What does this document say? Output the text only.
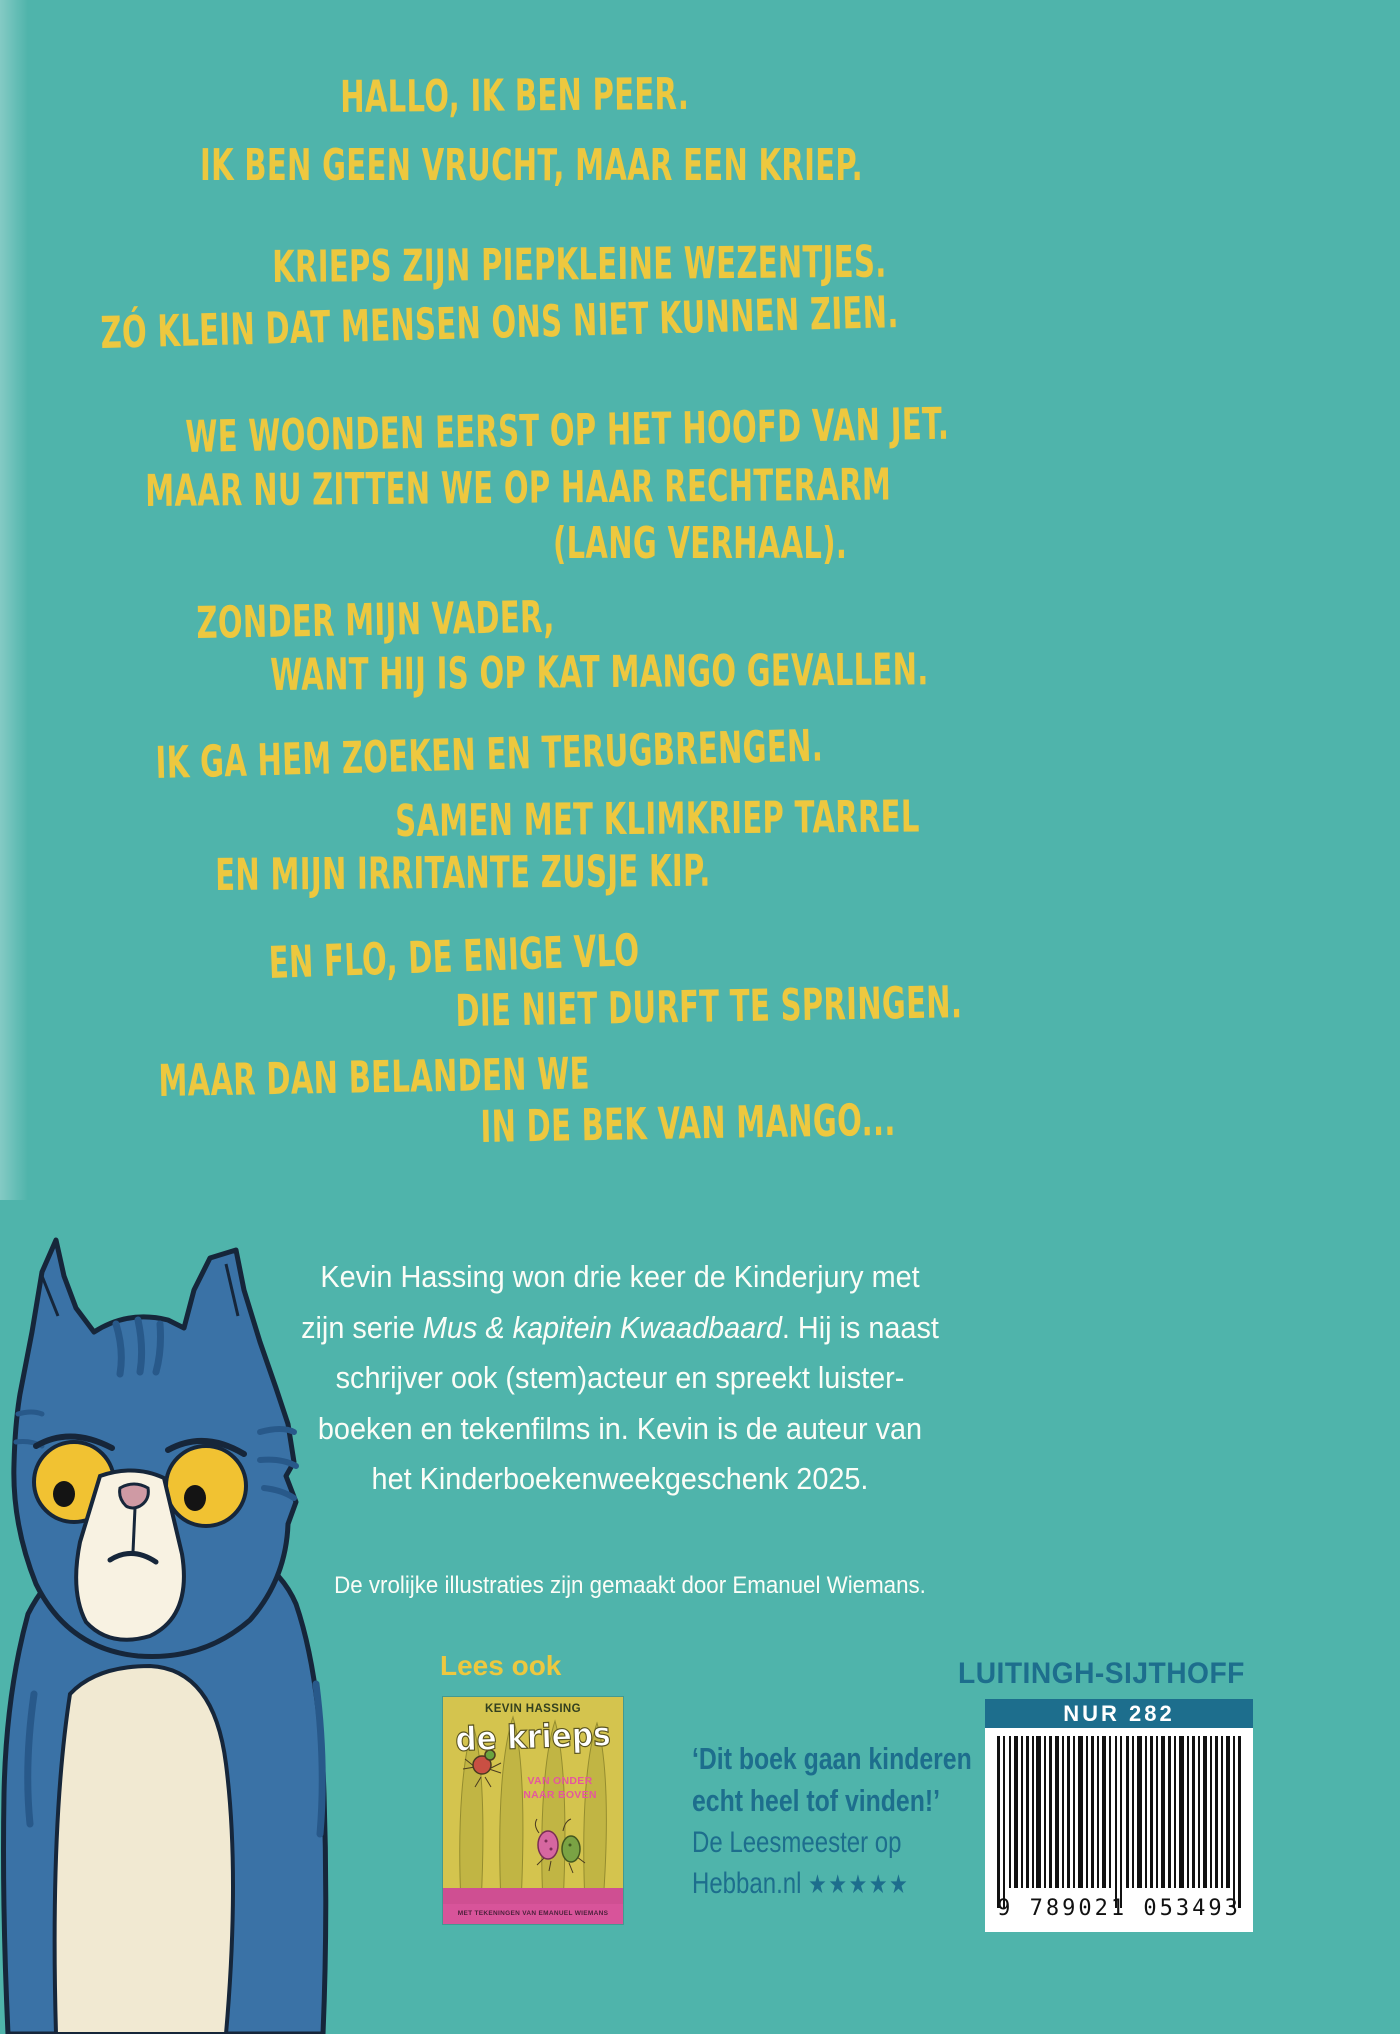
HALLO, IK BEN PEER.
IK BEN GEEN VRUCHT, MAAR EEN KRIEP.
KRIEPS ZIJN PIEPKLEINE WEZENTJES.
ZÓ KLEIN DAT MENSEN ONS NIET KUNNEN ZIEN.
WE WOONDEN EERST OP HET HOOFD VAN JET.
MAAR NU ZITTEN WE OP HAAR RECHTERARM
(LANG VERHAAL).
ZONDER MIJN VADER,
WANT HIJ IS OP KAT MANGO GEVALLEN.
IK GA HEM ZOEKEN EN TERUGBRENGEN.
SAMEN MET KLIMKRIEP TARREL
EN MIJN IRRITANTE ZUSJE KIP.
EN FLO, DE ENIGE VLO
DIE NIET DURFT TE SPRINGEN.
MAAR DAN BELANDEN WE
IN DE BEK VAN MANGO...
Kevin Hassing won drie keer de Kinderjury met
zijn serie Mus & kapitein Kwaadbaard. Hij is naast
schrijver ook (stem)acteur en spreekt luister-
boeken en tekenfilms in. Kevin is de auteur van
het Kinderboekenweekgeschenk 2025.
De vrolijke illustraties zijn gemaakt door Emanuel Wiemans.
Lees ook
KEVIN HASSING
de krieps
VAN ONDER
NAAR BOVEN
MET TEKENINGEN VAN EMANUEL WIEMANS
‘Dit boek gaan kinderen
echt heel tof vinden!’
De Leesmeester op
Hebban.nl ★★★★★
LUITINGH-SIJTHOFF
NUR 282
9 789021 053493
